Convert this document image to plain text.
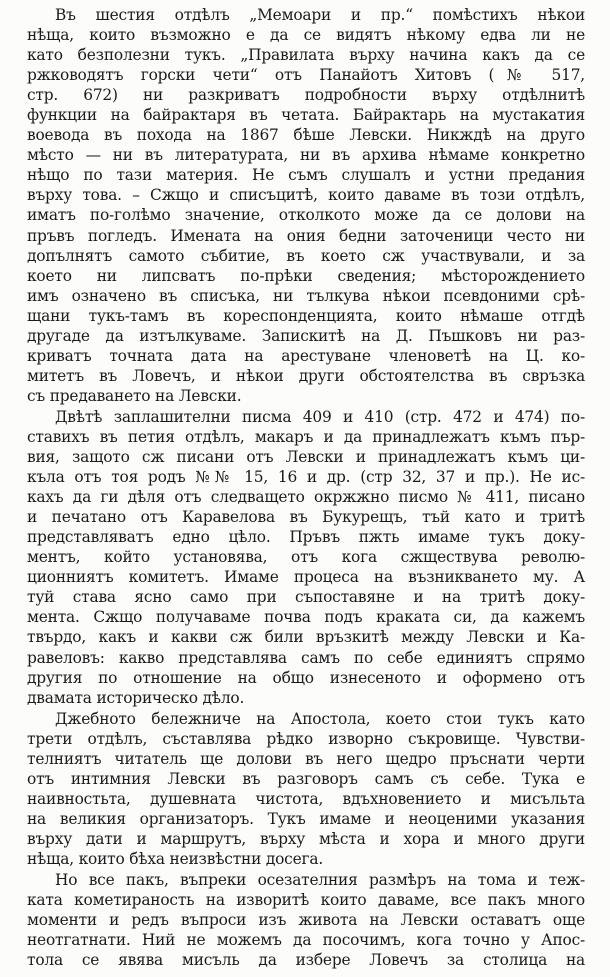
Въ шестия отдѣлъ „Мемоари и пр.“ помѣстихъ нѣкои
нѣща, които възможно е да се видятъ нѣкому едва ли не
като безполезни тукъ. „Правилата върху начина какъ да се
ржководятъ горски чети“ отъ Панайотъ Хитовъ (№ 517,
стр. 672) ни разкриватъ подробности върху отдѣлнитѣ
функции на байрактаря въ четата. Байрактарь на мустакатия
воевода въ похода на 1867 бѣше Левски. Никждѣ на друго
мѣсто — ни въ литературата, ни въ архива нѣмаме конкретно
нѣщо по тази материя. Не съмъ слушалъ и устни предания
върху това. – Сжщо и списъцитѣ, които даваме въ този отдѣлъ,
иматъ по-голѣмо значение, отколкото може да се долови на
пръвъ погледъ. Имената на ония бедни заточеници често ни
допълнятъ самото събитие, въ което сж участвували, и за
което ни липсватъ по-прѣки сведения; мѣсторождението
имъ означено въ списъка, ни тълкува нѣкои псевдоними срѣ-
щани тукъ-тамъ въ кореспонденцията, които нѣмаше отгдѣ
другаде да изтълкуваме. Запискитѣ на Д. Пъшковъ ни раз-
криватъ точната дата на арестуване членоветѣ на Ц. ко-
митетъ въ Ловечъ, и нѣкои други обстоятелства въ свръзка
съ предаването на Левски.
Двѣтѣ заплашителни писма 409 и 410 (стр. 472 и 474) по-
ставихъ въ петия отдѣлъ, макаръ и да принадлежатъ къмъ пър-
вия, защото сж писани отъ Левски и принадлежатъ къмъ ци-
кълa отъ тоя родъ №№ 15, 16 и др. (стр 32, 37 и пр.). Не ис-
кахъ да ги дѣля отъ следващето окржжно писмо № 411, писано
и печатано отъ Каравелова въ Букурещъ, тъй като и тритѣ
представляватъ едно цѣло. Пръвъ пжть имаме тукъ доку-
ментъ, който установява, отъ кога сжществува револю-
ционниятъ комитетъ. Имаме процеса на възникването му. А
туй става ясно само при съпоставяне и на тритѣ доку-
мента. Сжщо получаваме почва подъ краката си, да кажемъ
твърдо, какъ и какви сж били връзкитѣ между Левски и Ка-
равеловъ: какво представлява самъ по себе единиятъ спрямо
другия по отношение на общо изнесеното и оформено отъ
двамата историческо дѣло.
Джебното бележниче на Апостола, което стои тукъ като
трети отдѣлъ, съставлява рѣдко изворно съкровище. Чувстви-
телниятъ читатель ще долови въ него щедро пръснати черти
отъ интимния Левски въ разговоръ самъ съ себе. Тука е
наивностьта, душевната чистота, вдъхновението и мисъльта
на великия организаторъ. Тукъ имаме и неоценими указания
върху дати и маршрутъ, върху мѣста и хора и много други
нѣща, които бѣха неизвѣстни досега.
Но все пакъ, въпреки осезателния размѣръ на тома и теж-
ката кометираность на изворитѣ които даваме, все пакъ много
моменти и редъ въпроси изъ живота на Левски оставатъ още
неотгатнати. Ний не можемъ да посочимъ, кога точно у Апос-
тола се явява мисъль да избере Ловечъ за столица на
